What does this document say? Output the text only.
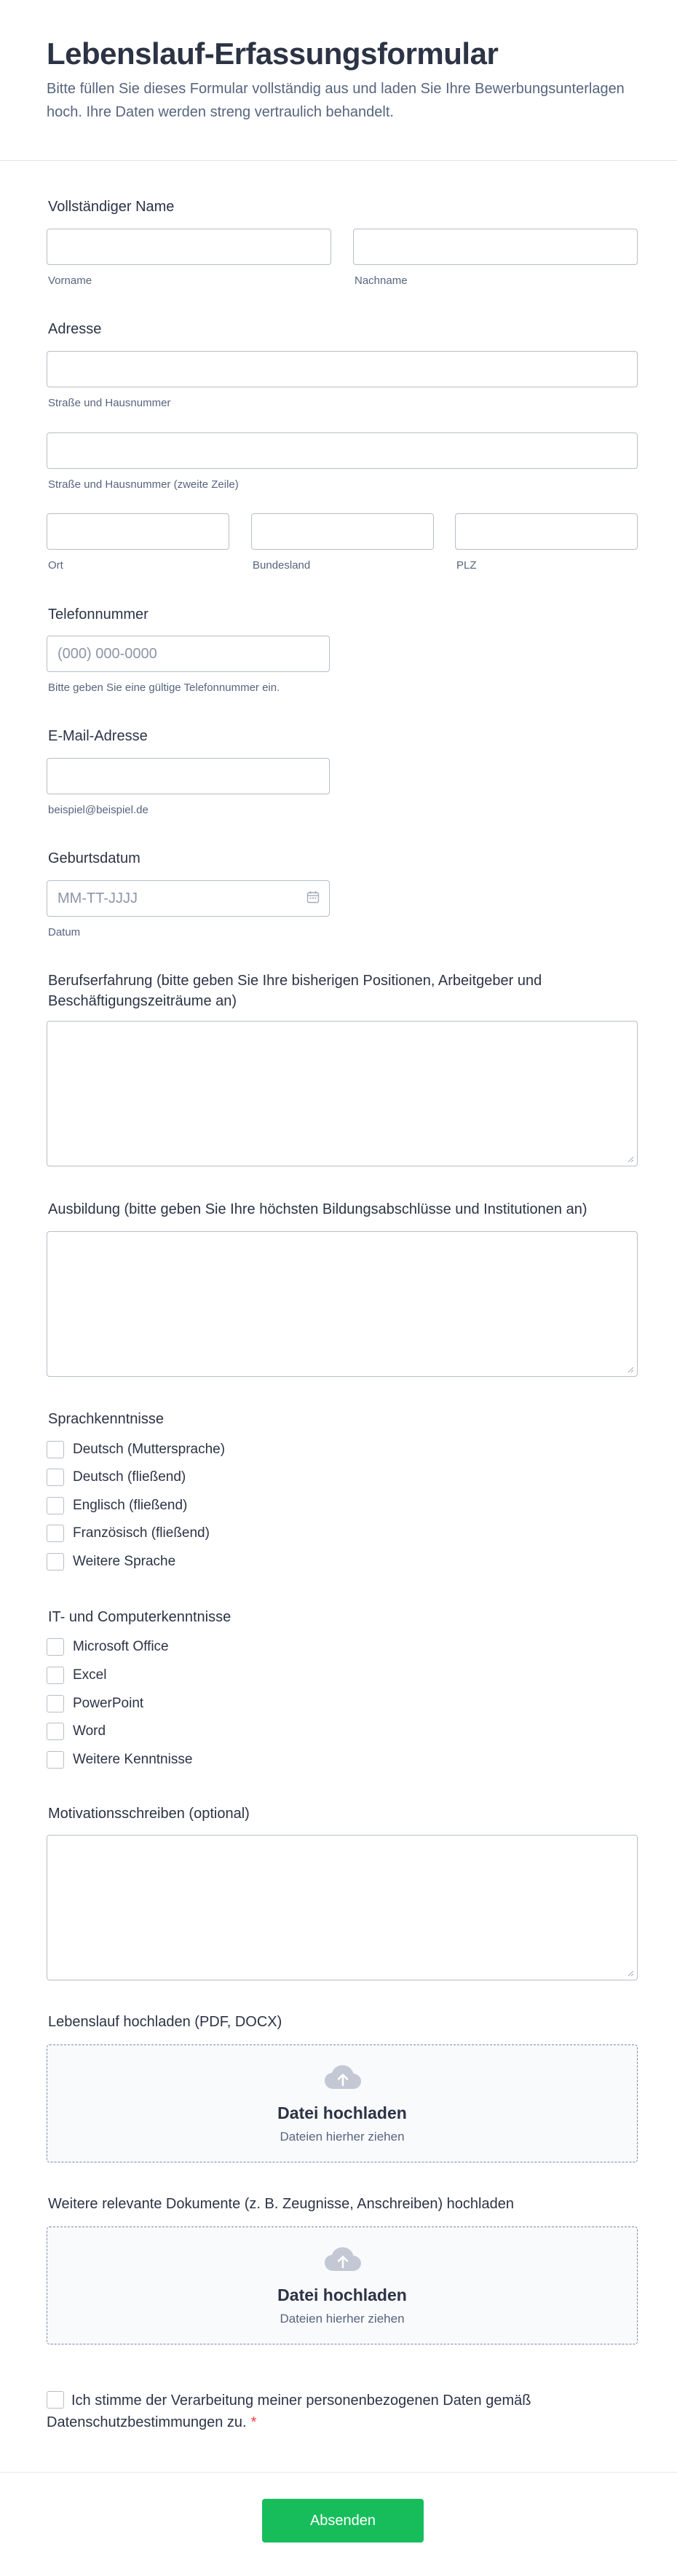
Lebenslauf-Erfassungsformular
Bitte füllen Sie dieses Formular vollständig aus und laden Sie Ihre Bewerbungsunterlagen hoch. Ihre Daten werden streng vertraulich behandelt.
Vollständiger Name
Vorname	Nachname
Adresse
Straße und Hausnummer
Straße und Hausnummer (zweite Zeile)
Ort	Bundesland	PLZ
Telefonnummer
(000) 000-0000
Bitte geben Sie eine gültige Telefonnummer ein.
E-Mail-Adresse
beispiel@beispiel.de
Geburtsdatum
MM-TT-JJJJ
Datum
Berufserfahrung (bitte geben Sie Ihre bisherigen Positionen, Arbeitgeber und Beschäftigungszeiträume an)
Ausbildung (bitte geben Sie Ihre höchsten Bildungsabschlüsse und Institutionen an)
Sprachkenntnisse
Deutsch (Muttersprache)
Deutsch (fließend)
Englisch (fließend)
Französisch (fließend)
Weitere Sprache
IT- und Computerkenntnisse
Microsoft Office
Excel
PowerPoint
Word
Weitere Kenntnisse
Motivationsschreiben (optional)
Lebenslauf hochladen (PDF, DOCX)
Datei hochladen
Dateien hierher ziehen
Weitere relevante Dokumente (z. B. Zeugnisse, Anschreiben) hochladen
Datei hochladen
Dateien hierher ziehen
Ich stimme der Verarbeitung meiner personenbezogenen Daten gemäß Datenschutzbestimmungen zu. *
Absenden
